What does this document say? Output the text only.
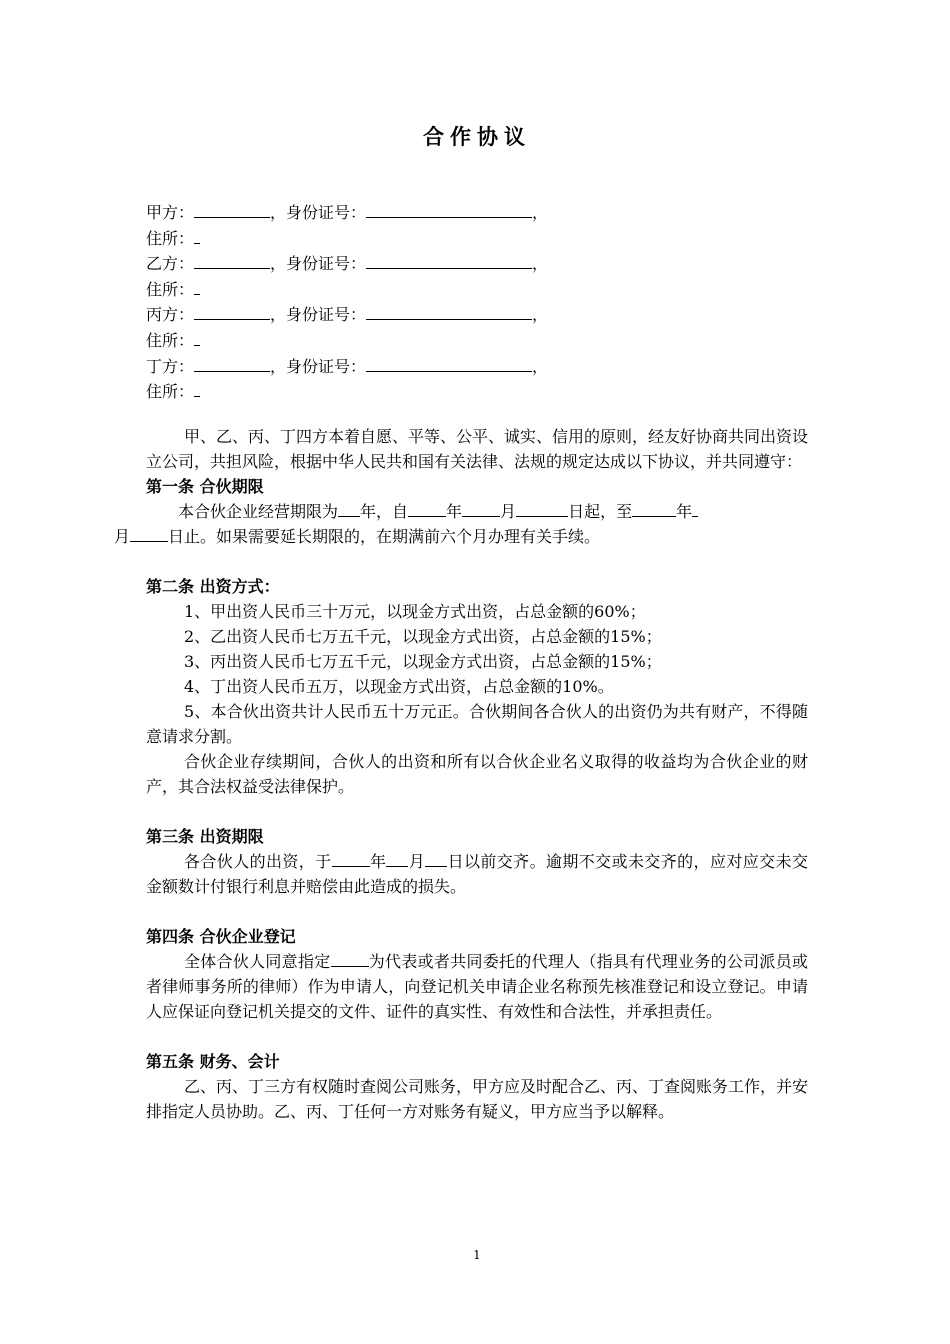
合作协议
甲方：	，身份证号：	，
住所：
乙方：	，身份证号：	，
住所：
丙方：	，身份证号：	，
住所：
丁方：	，身份证号：	，
住所：

甲、乙、丙、丁四方本着自愿、平等、公平、诚实、信用的原则，经友好协商共同出资设立公司，共担风险，根据中华人民共和国有关法律、法规的规定达成以下协议，并共同遵守：

第一条 合伙期限

本合伙企业经营期限为 年，自 年 月	日起，至	年
月 日止。如果需要延长期限的，在期满前六个月办理有关手续。

第二条 出资方式：

1、甲出资人民币三十万元，以现金方式出资，占总金额的60%；

2、乙出资人民币七万五千元，以现金方式出资，占总金额的15%；

3、丙出资人民币七万五千元，以现金方式出资，占总金额的15%；

4、丁出资人民币五万，以现金方式出资，占总金额的10%。

5、本合伙出资共计人民币五十万元正。合伙期间各合伙人的出资仍为共有财产，不得随意请求分割。

合伙企业存续期间，合伙人的出资和所有以合伙企业名义取得的收益均为合伙企业的财产，其合法权益受法律保护。

第三条 出资期限

各合伙人的出资，于 年 月 日以前交齐。逾期不交或未交齐的，应对应交未交金额数计付银行利息并赔偿由此造成的损失。

第四条 合伙企业登记

全体合伙人同意指定 为代表或者共同委托的代理人（指具有代理业务的公司派员或者律师事务所的律师）作为申请人，向登记机关申请企业名称预先核准登记和设立登记。申请人应保证向登记机关提交的文件、证件的真实性、有效性和合法性，并承担责任。

第五条 财务、会计

乙、丙、丁三方有权随时查阅公司账务，甲方应及时配合乙、丙、丁查阅账务工作，并安排指定人员协助。乙、丙、丁任何一方对账务有疑义，甲方应当予以解释。

1
